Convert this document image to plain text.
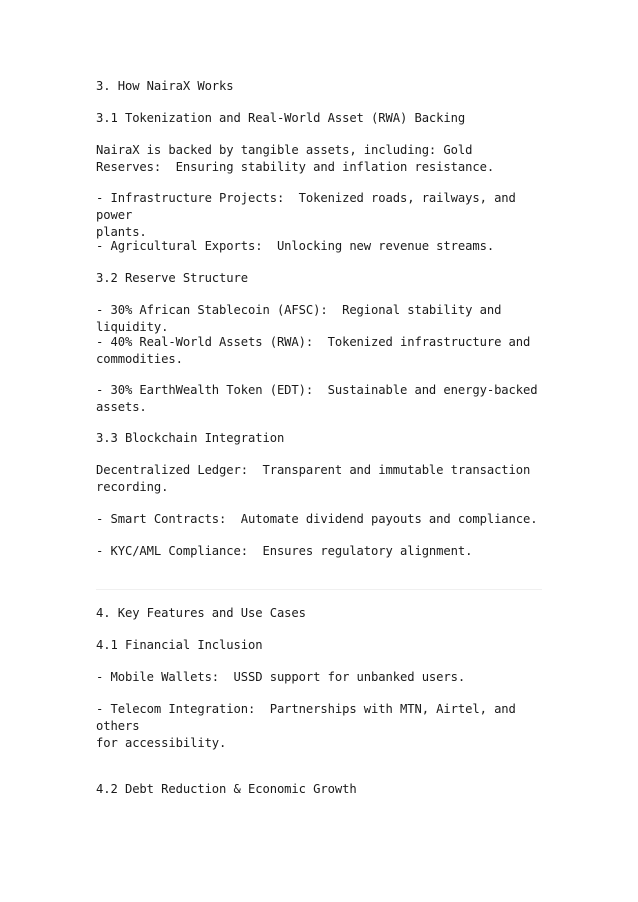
3. How NairaX Works
3.1 Tokenization and Real-World Asset (RWA) Backing
NairaX is backed by tangible assets, including: Gold
Reserves:  Ensuring stability and inflation resistance.
- Infrastructure Projects:  Tokenized roads, railways, and power
plants.
- Agricultural Exports:  Unlocking new revenue streams.
3.2 Reserve Structure
- 30% African Stablecoin (AFSC):  Regional stability and liquidity.
- 40% Real-World Assets (RWA):  Tokenized infrastructure and
commodities.
- 30% EarthWealth Token (EDT):  Sustainable and energy-backed assets.
3.3 Blockchain Integration
Decentralized Ledger:  Transparent and immutable transaction
recording.
- Smart Contracts:  Automate dividend payouts and compliance.
- KYC/AML Compliance:  Ensures regulatory alignment.
4. Key Features and Use Cases
4.1 Financial Inclusion
- Mobile Wallets:  USSD support for unbanked users.
- Telecom Integration:  Partnerships with MTN, Airtel, and others
for accessibility.
4.2 Debt Reduction & Economic Growth
